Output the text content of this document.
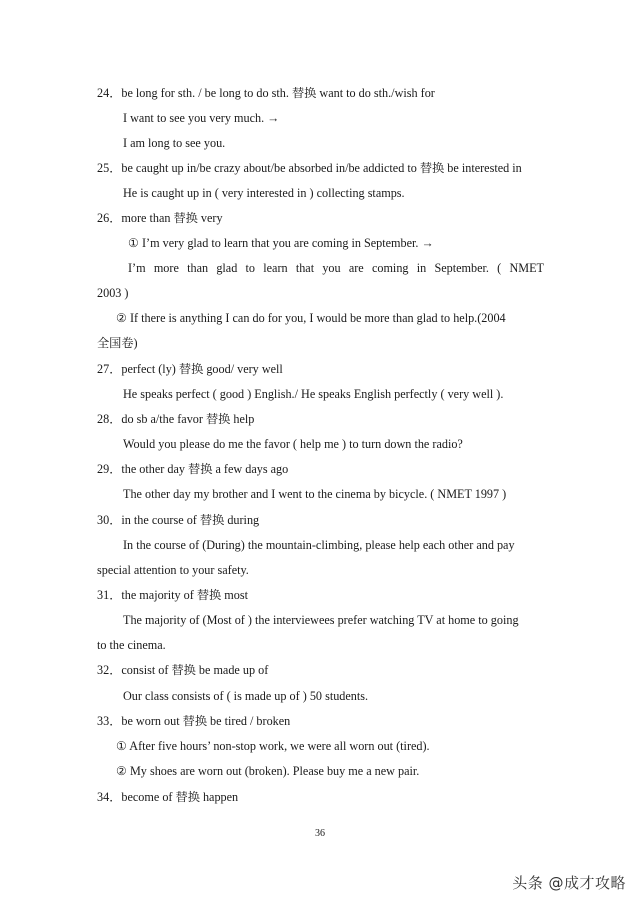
24．be long for sth. / be long to do sth. 替换 want to do sth./wish for
I want to see you very much. →
I am long to see you.
25．be caught up in/be crazy about/be absorbed in/be addicted to 替换 be interested in
He is caught up in ( very interested in ) collecting stamps.
26．more than 替换 very
① I’m very glad to learn that you are coming in September. →
I’m more than glad to learn that you are coming in September. ( NMET
2003 )
② If there is anything I can do for you, I would be more than glad to help.(2004
全国卷)
27．perfect (ly) 替换 good/ very well
He speaks perfect ( good ) English./ He speaks English perfectly ( very well ).
28．do sb a/the favor 替换 help
Would you please do me the favor ( help me ) to turn down the radio?
29．the other day 替换 a few days ago
The other day my brother and I went to the cinema by bicycle. ( NMET 1997 )
30．in the course of 替换 during
In the course of (During) the mountain-climbing, please help each other and pay
special attention to your safety.
31．the majority of 替换 most
The majority of (Most of ) the interviewees prefer watching TV at home to going
to the cinema.
32．consist of 替换 be made up of
Our class consists of ( is made up of ) 50 students.
33．be worn out 替换 be tired / broken
① After five hours’ non-stop work, we were all worn out (tired).
② My shoes are worn out (broken). Please buy me a new pair.
34．become of 替换 happen
36
头条 @成才攻略
